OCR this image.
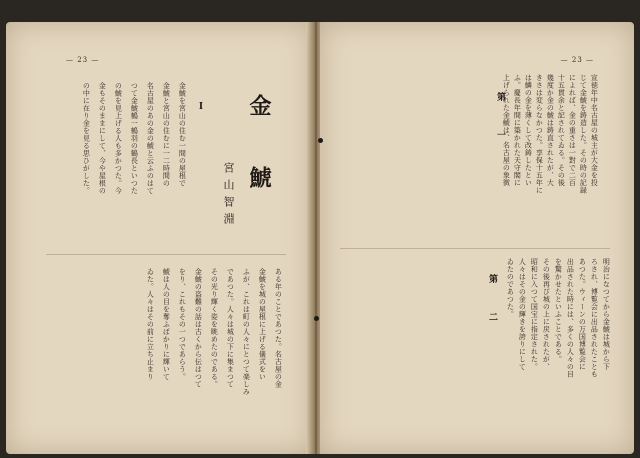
— 23 —
金　鯱
宮山智淵
Ⅰ
金鯱を宮山の住む一間の屋根で
金鯱と宮山の住むに一二時間の
名古屋のあの金の鯱と云ふのはて
つて金鯱鶴一鶴羽の鶴長といつた
の鯱を見上げる人も多かつた。今
金もそのままにして、今や屋根の
の中に在り金を見る思ひがした。
ある年のことであつた。名古屋の金
金鯱を城の屋根に上げる儀式をい
ふが、これは町の人々にとつて楽しみ
であつた。人々は城の下に集まつて
その光り輝く姿を眺めたのである。
金鯱の盗難の話は古くから伝はつて
をり、これもその一つであらう。
鯱は人の目を奪ふばかりに輝いて
ゐた。人々はその前に立ち止まり
— 23 —
第　一
第　二
宣徳年中名古屋の城主が大金を投
じて金鯱を鋳造した。その時の記録
によれば、金の重さは一對で二百
十五貫余と記されてゐる。その後
幾度か金の鯱は鋳直されたが、大
きさは変らなかつた。享保十五年に
は鱗の金を薄くして改鋳したとい
ふ。慶長年間に築かれた天守閣に
上げられた金鯱は、名古屋の象徴
明治になつてから金鯱は城から下
ろされ、博覧会に出品されたことも
あつた。ウィーンの万国博覧会に
出品された時には、多くの人々の目
を驚かせたといふことである。
その後再び城の上に戻されたが、
昭和に入つて国宝に指定された。
人々はその金の輝きを誇りにして
ゐたのであつた。
